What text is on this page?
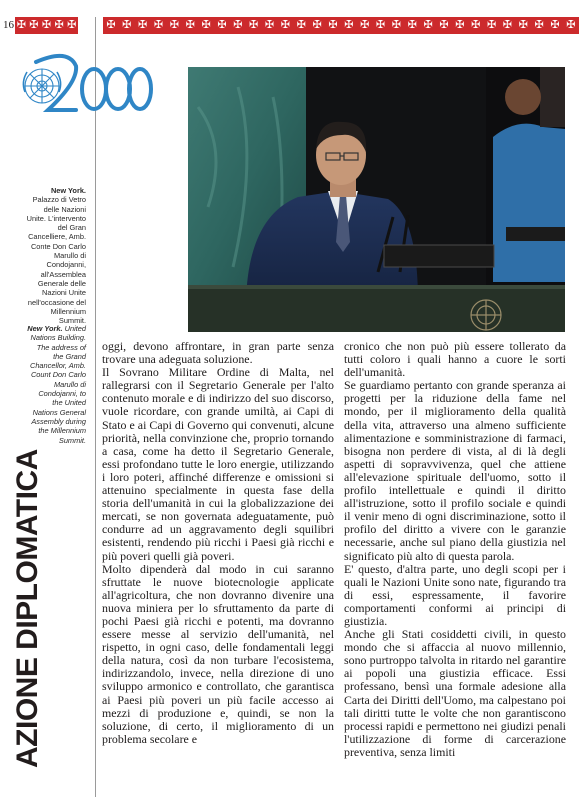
16 ✠ ✠ ✠ ✠ ✠	✠ ✠ ✠ ✠ ✠ ✠ ✠ ✠ ✠ ✠ ✠ ✠ ✠ ✠ ✠ ✠ ✠ ✠ ✠ ✠ ✠ ✠ ✠ ✠ ✠ ✠ ✠ ✠ ✠ ✠
New York.
Palazzo di Vetro
delle Nazioni
Unite. L'intervento
del Gran
Cancelliere, Amb.
Conte Don Carlo
Marullo di
Condojanni,
all'Assemblea
Generale delle
Nazioni Unite
nell'occasione del
Millennium
Summit.
New York. United
Nations Building.
The address of
the Grand
Chancellor, Amb.
Count Don Carlo
Marullo di
Condojanni, to
the United
Nations General
Assembly during
the Millennium
Summit.
AZIONE DIPLOMATICA

oggi, devono affrontare, in gran parte senza trovare una adeguata soluzione.

Il Sovrano Militare Ordine di Malta, nel rallegrarsi con il Segretario Generale per l'alto contenuto morale e di indirizzo del suo discorso, vuole ricordare, con grande umiltà, ai Capi di Stato e ai Capi di Governo qui convenuti, alcune priorità, nella convinzione che, proprio tornando a casa, come ha detto il Segretario Generale, essi profondano tutte le loro energie, utilizzando i loro poteri, affinché differenze e omissioni si attenuino specialmente in questa fase della storia dell'umanità in cui la globalizzazione dei mercati, se non governata adeguatamente, può condurre ad un aggravamento degli squilibri esistenti, rendendo più ricchi i Paesi già ricchi e più poveri quelli già poveri.

Molto dipenderà dal modo in cui saranno sfruttate le nuove biotecnologie applicate all'agricoltura, che non dovranno divenire una nuova miniera per lo sfruttamento da parte di pochi Paesi già ricchi e potenti, ma dovranno essere messe al servizio dell'umanità, nel rispetto, in ogni caso, delle fondamentali leggi della natura, così da non turbare l'ecosistema, indirizzandolo, invece, nella direzione di uno sviluppo armonico e controllato, che garantisca ai Paesi più poveri un più facile accesso ai mezzi di produzione e, quindi, se non la soluzione, di certo, il miglioramento di un problema secolare e

cronico che non può più essere tollerato da tutti coloro i quali hanno a cuore le sorti dell'umanità.

Se guardiamo pertanto con grande speranza ai progetti per la riduzione della fame nel mondo, per il miglioramento della qualità della vita, attraverso una almeno sufficiente alimentazione e somministrazione di farmaci, bisogna non perdere di vista, al di là degli aspetti di sopravvivenza, quel che attiene all'elevazione spirituale dell'uomo, sotto il profilo intellettuale e quindi il diritto all'istruzione, sotto il profilo sociale e quindi il venir meno di ogni discriminazione, sotto il profilo del diritto a vivere con le garanzie necessarie, anche sul piano della giustizia nel significato più alto di questa parola.

E' questo, d'altra parte, uno degli scopi per i quali le Nazioni Unite sono nate, figurando tra di essi, espressamente, il favorire comportamenti conformi ai principi di giustizia.

Anche gli Stati cosiddetti civili, in questo mondo che si affaccia al nuovo millennio, sono purtroppo talvolta in ritardo nel garantire ai popoli una giustizia efficace. Essi professano, bensì una formale adesione alla Carta dei Diritti dell'Uomo, ma calpestano poi tali diritti tutte le volte che non garantiscono processi rapidi e permettono nei giudizi penali l'utilizzazione di forme di carcerazione preventiva, senza limiti
